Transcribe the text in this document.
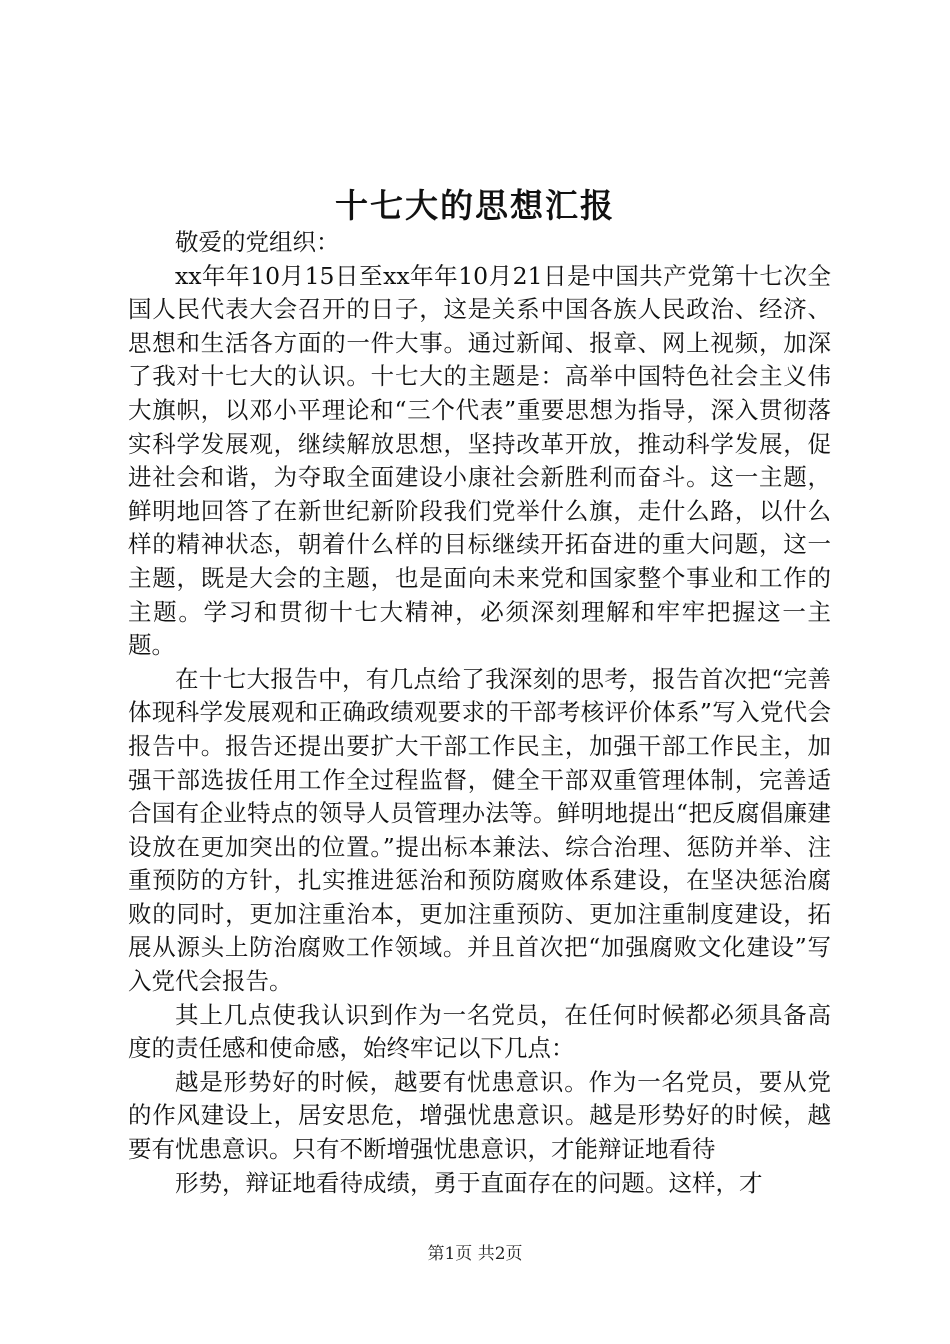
十七大的思想汇报

敬爱的党组织：

xx年年10月15日至xx年年10月21日是中国共产党第十七次全国人民代表大会召开的日子，这是关系中国各族人民政治、经济、思想和生活各方面的一件大事。通过新闻、报章、网上视频，加深了我对十七大的认识。十七大的主题是：高举中国特色社会主义伟大旗帜，以邓小平理论和“三个代表”重要思想为指导，深入贯彻落实科学发展观，继续解放思想，坚持改革开放，推动科学发展，促进社会和谐，为夺取全面建设小康社会新胜利而奋斗。这一主题，鲜明地回答了在新世纪新阶段我们党举什么旗，走什么路，以什么样的精神状态，朝着什么样的目标继续开拓奋进的重大问题，这一主题，既是大会的主题，也是面向未来党和国家整个事业和工作的主题。学习和贯彻十七大精神，必须深刻理解和牢牢把握这一主题。

在十七大报告中，有几点给了我深刻的思考，报告首次把“完善体现科学发展观和正确政绩观要求的干部考核评价体系”写入党代会报告中。报告还提出要扩大干部工作民主，加强干部工作民主，加强干部选拔任用工作全过程监督，健全干部双重管理体制，完善适合国有企业特点的领导人员管理办法等。鲜明地提出“把反腐倡廉建设放在更加突出的位置。”提出标本兼法、综合治理、惩防并举、注重预防的方针，扎实推进惩治和预防腐败体系建设，在坚决惩治腐败的同时，更加注重治本，更加注重预防、更加注重制度建设，拓展从源头上防治腐败工作领域。并且首次把“加强腐败文化建设”写入党代会报告。

其上几点使我认识到作为一名党员，在任何时候都必须具备高度的责任感和使命感，始终牢记以下几点：

越是形势好的时候，越要有忧患意识。作为一名党员，要从党的作风建设上，居安思危，增强忧患意识。越是形势好的时候，越要有忧患意识。只有不断增强忧患意识，才能辩证地看待

形势，辩证地看待成绩，勇于直面存在的问题。这样，才

第1页 共2页
